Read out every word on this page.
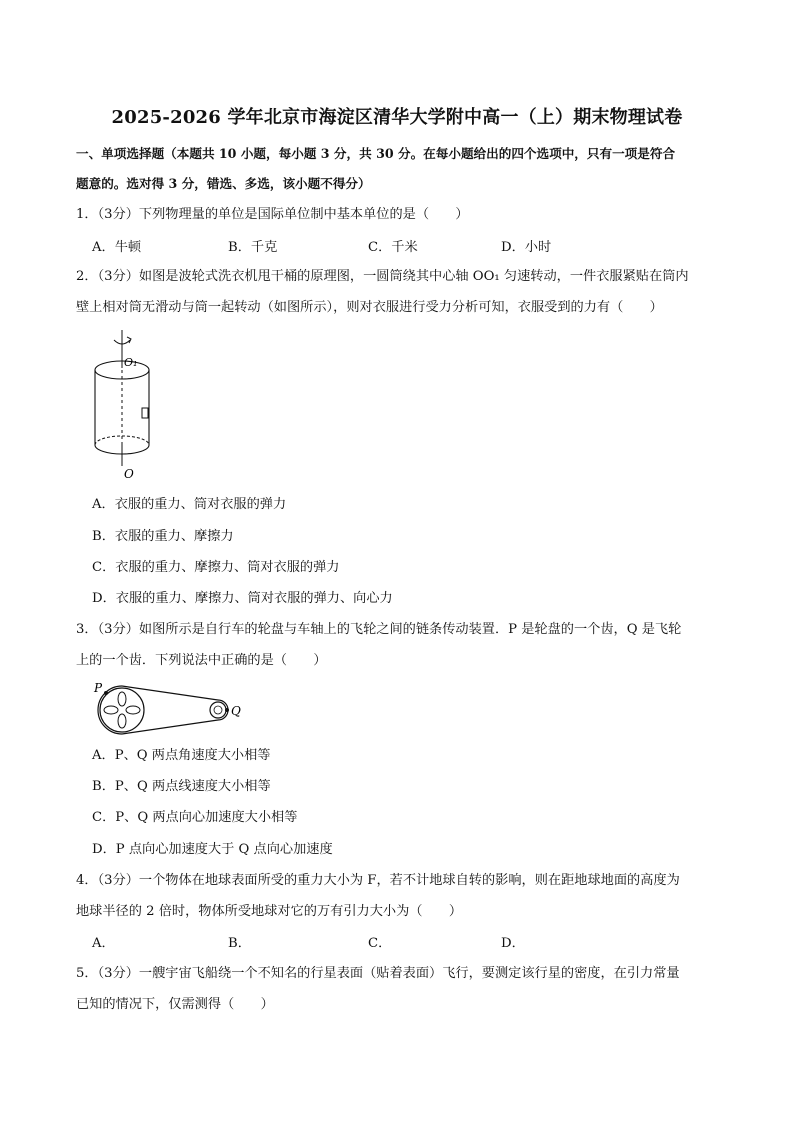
2025-2026 学年北京市海淀区清华大学附中高一（上）期末物理试卷
一、单项选择题（本题共 10 小题，每小题 3 分，共 30 分。在每小题给出的四个选项中，只有一项是符合
题意的。选对得 3 分，错选、多选，该小题不得分）
1．（3分）下列物理量的单位是国际单位制中基本单位的是（　　）
A．牛顿	B．千克	C．千米	D．小时
2．（3分）如图是波轮式洗衣机甩干桶的原理图，一圆筒绕其中心轴 OO₁ 匀速转动，一件衣服紧贴在筒内
壁上相对筒无滑动与筒一起转动（如图所示），则对衣服进行受力分析可知，衣服受到的力有（　　）
O₁
O
A．衣服的重力、筒对衣服的弹力
B．衣服的重力、摩擦力
C．衣服的重力、摩擦力、筒对衣服的弹力
D．衣服的重力、摩擦力、筒对衣服的弹力、向心力
3．（3分）如图所示是自行车的轮盘与车轴上的飞轮之间的链条传动装置．P 是轮盘的一个齿，Q 是飞轮
上的一个齿．下列说法中正确的是（　　）
P
Q
A．P、Q 两点角速度大小相等
B．P、Q 两点线速度大小相等
C．P、Q 两点向心加速度大小相等
D．P 点向心加速度大于 Q 点向心加速度
4．（3分）一个物体在地球表面所受的重力大小为 F，若不计地球自转的影响，则在距地球地面的高度为
地球半径的 2 倍时，物体所受地球对它的万有引力大小为（　　）
A．	B．	C．	D．
5．（3分）一艘宇宙飞船绕一个不知名的行星表面（贴着表面）飞行，要测定该行星的密度，在引力常量
已知的情况下，仅需测得（　　）
